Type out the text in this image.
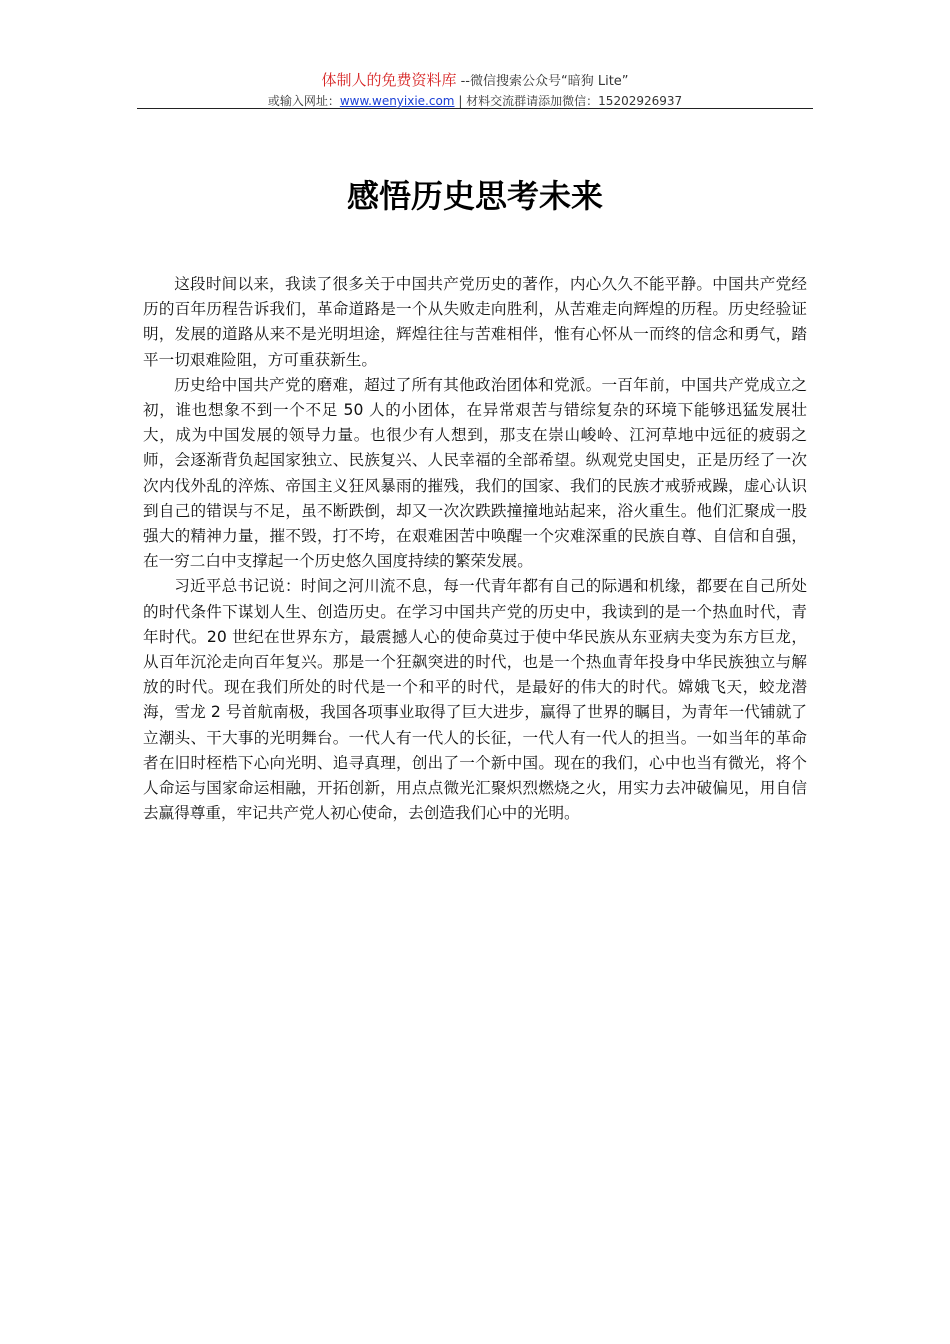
体制人的免费资料库 --微信搜索公众号“暗狗 Lite”
或输入网址：www.wenyixie.com | 材料交流群请添加微信：15202926937
感悟历史思考未来

这段时间以来，我读了很多关于中国共产党历史的著作，内心久久不能平静。中国共产党经历的百年历程告诉我们，革命道路是一个从失败走向胜利，从苦难走向辉煌的历程。历史经验证明，发展的道路从来不是光明坦途，辉煌往往与苦难相伴，惟有心怀从一而终的信念和勇气，踏平一切艰难险阻，方可重获新生。

历史给中国共产党的磨难，超过了所有其他政治团体和党派。一百年前，中国共产党成立之初，谁也想象不到一个不足 50 人的小团体，在异常艰苦与错综复杂的环境下能够迅猛发展壮大，成为中国发展的领导力量。也很少有人想到，那支在崇山峻岭、江河草地中远征的疲弱之师，会逐渐背负起国家独立、民族复兴、人民幸福的全部希望。纵观党史国史，正是历经了一次次内伐外乱的淬炼、帝国主义狂风暴雨的摧残，我们的国家、我们的民族才戒骄戒躁，虚心认识到自己的错误与不足，虽不断跌倒，却又一次次跌跌撞撞地站起来，浴火重生。他们汇聚成一股强大的精神力量，摧不毁，打不垮，在艰难困苦中唤醒一个灾难深重的民族自尊、自信和自强，在一穷二白中支撑起一个历史悠久国度持续的繁荣发展。

习近平总书记说：时间之河川流不息，每一代青年都有自己的际遇和机缘，都要在自己所处的时代条件下谋划人生、创造历史。在学习中国共产党的历史中，我读到的是一个热血时代，青年时代。20 世纪在世界东方，最震撼人心的使命莫过于使中华民族从东亚病夫变为东方巨龙，从百年沉沦走向百年复兴。那是一个狂飙突进的时代，也是一个热血青年投身中华民族独立与解放的时代。现在我们所处的时代是一个和平的时代，是最好的伟大的时代。嫦娥飞天，蛟龙潜海，雪龙 2 号首航南极，我国各项事业取得了巨大进步，赢得了世界的瞩目，为青年一代铺就了立潮头、干大事的光明舞台。一代人有一代人的长征，一代人有一代人的担当。一如当年的革命者在旧时桎梏下心向光明、追寻真理，创出了一个新中国。现在的我们，心中也当有微光，将个人命运与国家命运相融，开拓创新，用点点微光汇聚炽烈燃烧之火，用实力去冲破偏见，用自信去赢得尊重，牢记共产党人初心使命，去创造我们心中的光明。
